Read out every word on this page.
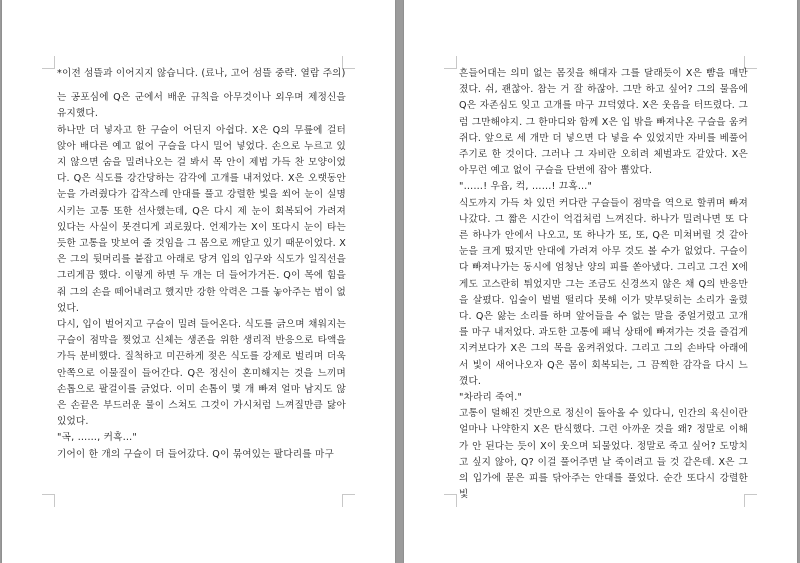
*이전 섬뜰과 이어지지 않습니다. (료나, 고어 섬뜰 중략. 열람 주의)

는 공포심에 Q은 군에서 배운 규칙을 아무것이나 외우며 제정신을 유지했다.

하나만 더 넣자고 한 구슬이 어딘지 아쉽다. X은 Q의 무릎에 걸터 앉아 배다른 예고 없어 구슬을 다시 밀어 넣었다. 손으로 누르고 있지 않으면 숨을 밀려나오는 걸 봐서 목 안이 제법 가득 찬 모양이었다. Q은 식도를 강간당하는 감각에 고개를 내저었다. X은 오랫동안 눈을 가려줬다가 갑작스레 안대를 풀고 강렬한 빛을 쐬어 눈이 실명시키는 고통 또한 선사했는데, Q은 다시 제 눈이 회복되어 가려져 있다는 사실이 못견디게 괴로웠다. 언제가는 X이 또다시 눈이 타는 듯한 고통을 맛보여 줄 것임을 그 몸으로 깨닫고 있기 때문이었다. X은 그의 뒷머리를 붙잡고 아래로 당겨 입의 입구와 식도가 일직선을 그리게끔 했다. 이렇게 하면 두 개는 더 들어가거든. Q이 목에 힘을 줘 그의 손을 떼어내려고 했지만 강한 악력은 그를 놓아주는 법이 없었다.

다시, 입이 벌어지고 구슬이 밀려 들어온다. 식도를 긁으며 채워지는 구슬이 점막을 찢었고 신체는 생존을 위한 생리적 반응으로 타액을 가득 분비했다. 질척하고 미끈하게 젖은 식도를 강제로 벌리며 더욱 안쪽으로 이물질이 들어간다. Q은 정신이 혼미해지는 것을 느끼며 손톱으로 팔걸이를 긁었다. 이미 손톱이 몇 개 빠져 얼마 남지도 않은 손끝은 부드러운 물이 스쳐도 그것이 가시처럼 느껴질만큼 닳아있었다.

"곡, ……, 커흑…"

기어이 한 개의 구슬이 더 들어갔다. Q이 묶여있는 팔다리를 마구

흔들어대는 의미 없는 몸짓을 해대자 그를 달래듯이 X은 뺨을 매만졌다. 쉬, 괜찮아. 참는 거 잘 하잖아. 그만 하고 싶어? 그의 물음에 Q은 자존심도 잊고 고개를 마구 끄덕였다. X은 웃음을 터뜨렸다. 그럼 그만해야지. 그 한마디와 함께 X은 입 밖을 빠져나온 구슬을 움켜쥐다. 앞으로 세 개만 더 넣으면 다 넣을 수 있었지만 자비를 베풀어주기로 한 것이다. 그러나 그 자비란 오히려 체벌과도 같았다. X은 아무런 예고 없이 구슬을 단번에 잡아 뽑았다.

"……! 우읍, 컥, ……! 끄흑…"

식도까지 가득 차 있던 커다란 구슬들이 점막을 역으로 할퀴며 빠져나갔다. 그 짧은 시간이 억겁처럼 느껴진다. 하나가 밀려나면 또 다른 하나가 안에서 나오고, 또 하나가 또, 또, Q은 미쳐버릴 것 같아 눈을 크게 떴지만 안대에 가려져 아무 것도 볼 수가 없었다. 구슬이 다 빠져나가는 동시에 엄청난 양의 피를 쏟아냈다. 그리고 그건 X에게도 고스란히 튀었지만 그는 조금도 신경쓰지 않은 채 Q의 반응만을 살폈다. 입술이 벌벌 떨리다 못해 이가 맞부딪히는 소리가 울렸다. Q은 앓는 소리를 하며 앞어들을 수 없는 말을 중얼거렸고 고개를 마구 내저었다. 과도한 고통에 패닉 상태에 빠져가는 것을 즐겁게 지켜보다가 X은 그의 목을 움켜쥐었다. 그리고 그의 손바닥 아래에서 빛이 새어나오자 Q은 몸이 회복되는, 그 끔찍한 감각을 다시 느꼈다.

"차라리 죽여."

고통이 덜해진 것만으로 정신이 돌아올 수 있다니, 인간의 육신이란 얼마나 나약한지 X은 탄식했다. 그런 아까운 것을 왜? 정말로 이해가 안 된다는 듯이 X이 웃으며 되물었다. 정말로 죽고 싶어? 도망치고 싶지 않아, Q? 이걸 풀어주면 날 죽이려고 들 것 같은데. X은 그의 입가에 묻은 피를 닦아주는 안대를 풀었다. 순간 또다시 강렬한 빛
